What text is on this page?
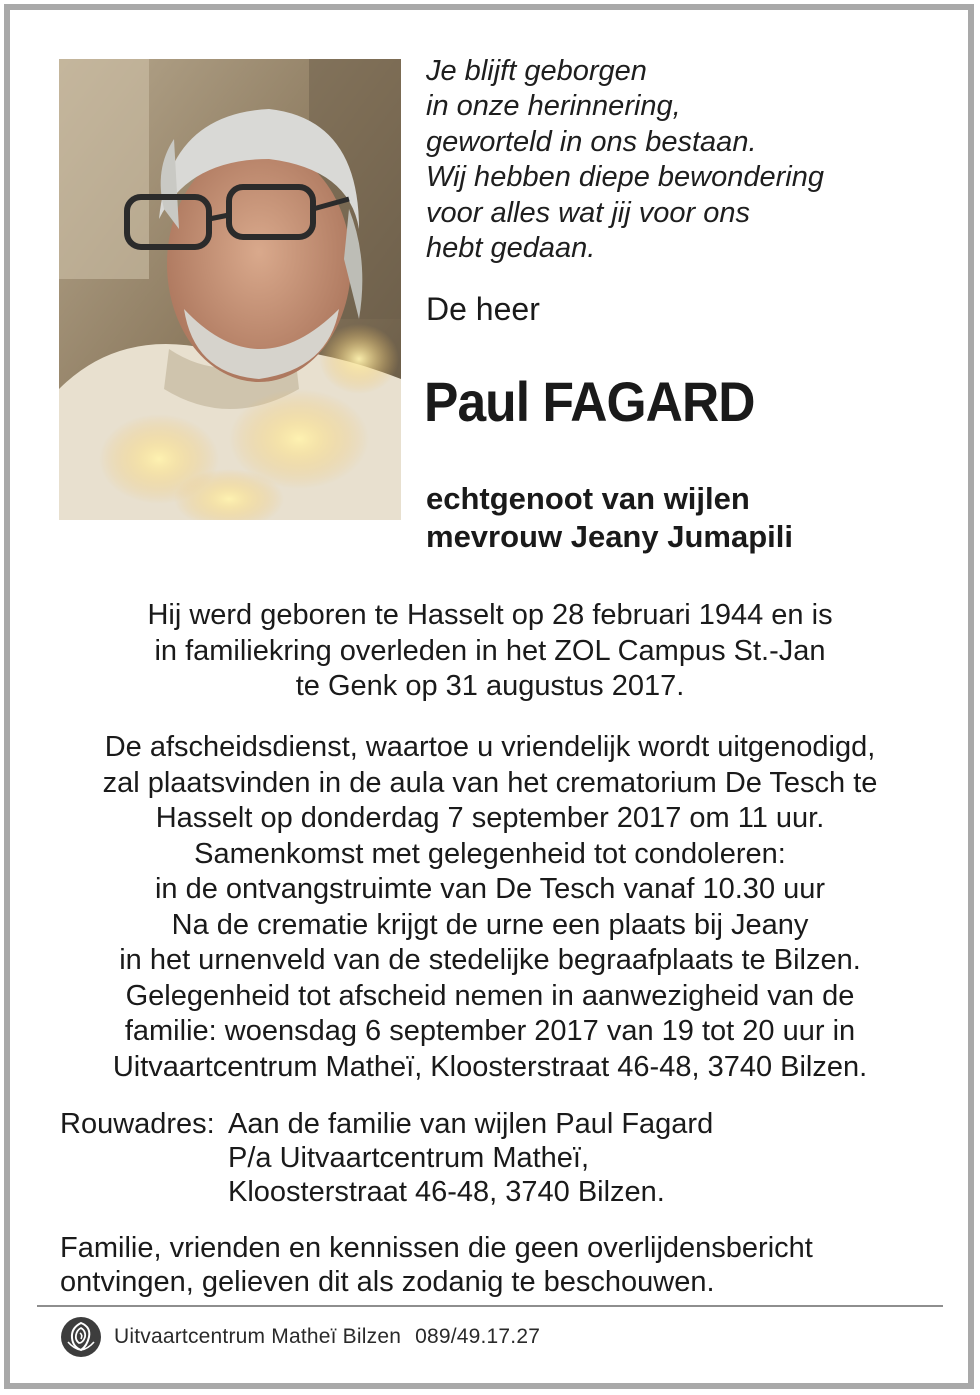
Je blijft geborgen
in onze herinnering,
geworteld in ons bestaan.
Wij hebben diepe bewondering
voor alles wat jij voor ons
hebt gedaan.
De heer
Paul FAGARD
echtgenoot van wijlen
mevrouw Jeany Jumapili
Hij werd geboren te Hasselt op 28 februari 1944 en is
in familiekring overleden in het ZOL Campus St.-Jan
te Genk op 31 augustus 2017.
De afscheidsdienst, waartoe u vriendelijk wordt uitgenodigd,
zal plaatsvinden in de aula van het crematorium De Tesch te
Hasselt op donderdag 7 september 2017 om 11 uur.
Samenkomst met gelegenheid tot condoleren:
in de ontvangstruimte van De Tesch vanaf 10.30 uur
Na de crematie krijgt de urne een plaats bij Jeany
in het urnenveld van de stedelijke begraafplaats te Bilzen.
Gelegenheid tot afscheid nemen in aanwezigheid van de
familie: woensdag 6 september 2017 van 19 tot 20 uur in
Uitvaartcentrum Matheï, Kloosterstraat 46-48, 3740 Bilzen.
Rouwadres: Aan de familie van wijlen Paul Fagard
P/a Uitvaartcentrum Matheï,
Kloosterstraat 46-48, 3740 Bilzen.
Familie, vrienden en kennissen die geen overlijdensbericht
ontvingen, gelieven dit als zodanig te beschouwen.
Uitvaartcentrum Matheï Bilzen 089/49.17.27
